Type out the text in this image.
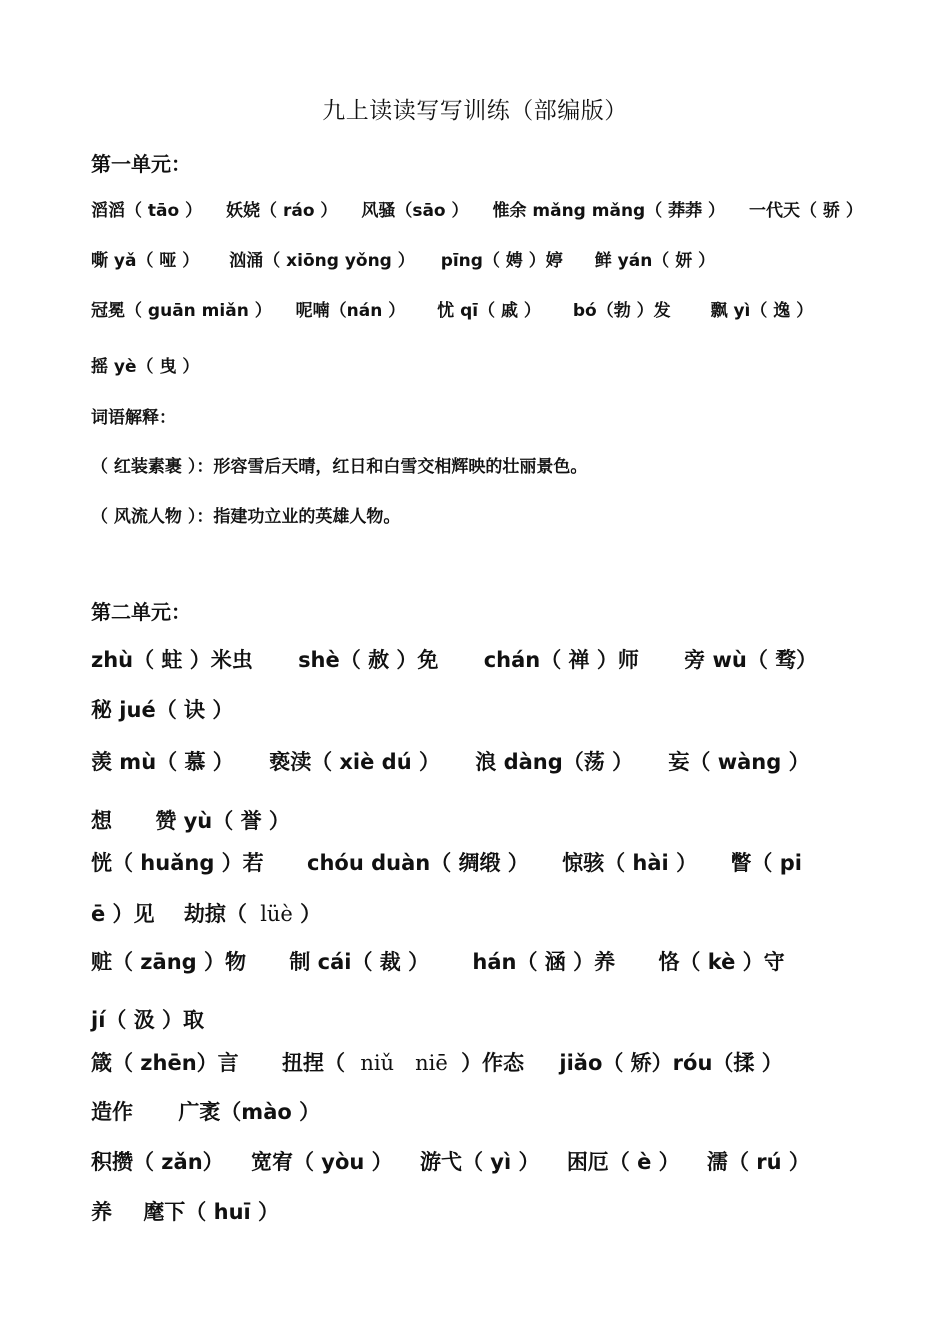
九上读读写写训练（部编版）
第一单元：
滔滔（ tāo ） 妖娆（ ráo ） 风骚（sāo ） 惟余 mǎng mǎng（ 莽莽 ） 一代天（ 骄 ）
嘶 yǎ（ 哑 ） 汹涌（ xiōng yǒng ） pīng（ 娉 ）婷 鲜 yán（ 妍 ）
冠冕（ guān miǎn ） 呢喃（nán ） 忧 qī（ 戚 ） bó（勃 ）发 飘 yì（ 逸 ）
摇 yè（ 曳 ）
词语解释：
（ 红装素裹 ）：形容雪后天晴，红日和白雪交相辉映的壮丽景色。
（ 风流人物 ）：指建功立业的英雄人物。
第二单元：
zhù（ 蛀 ）米虫 shè（ 赦 ）免 chán（ 禅 ）师 旁 wù（ 骛）
秘 jué（ 诀 ）
羡 mù（ 慕 ） 亵渎（ xiè dú ） 浪 dàng（荡 ） 妄（ wàng ）
想 赞 yù（ 誉 ）
恍（ huǎng ）若 chóu duàn（ 绸缎 ） 惊骇（ hài ） 瞥（ pi
ē ）见 劫掠（ lüè ）
赃（ zāng ）物 制 cái（ 裁 ） hán（ 涵 ）养 恪（ kè ）守
jí（ 汲 ）取
箴（ zhēn）言 扭捏（ niǔ　niē ）作态 jiǎo（ 矫）róu（揉 ）
造作 广袤（mào ）
积攒（ zǎn） 宽宥（ yòu ） 游弋（ yì ） 困厄（ è ） 濡（ rú ）
养 麾下（ huī ）
